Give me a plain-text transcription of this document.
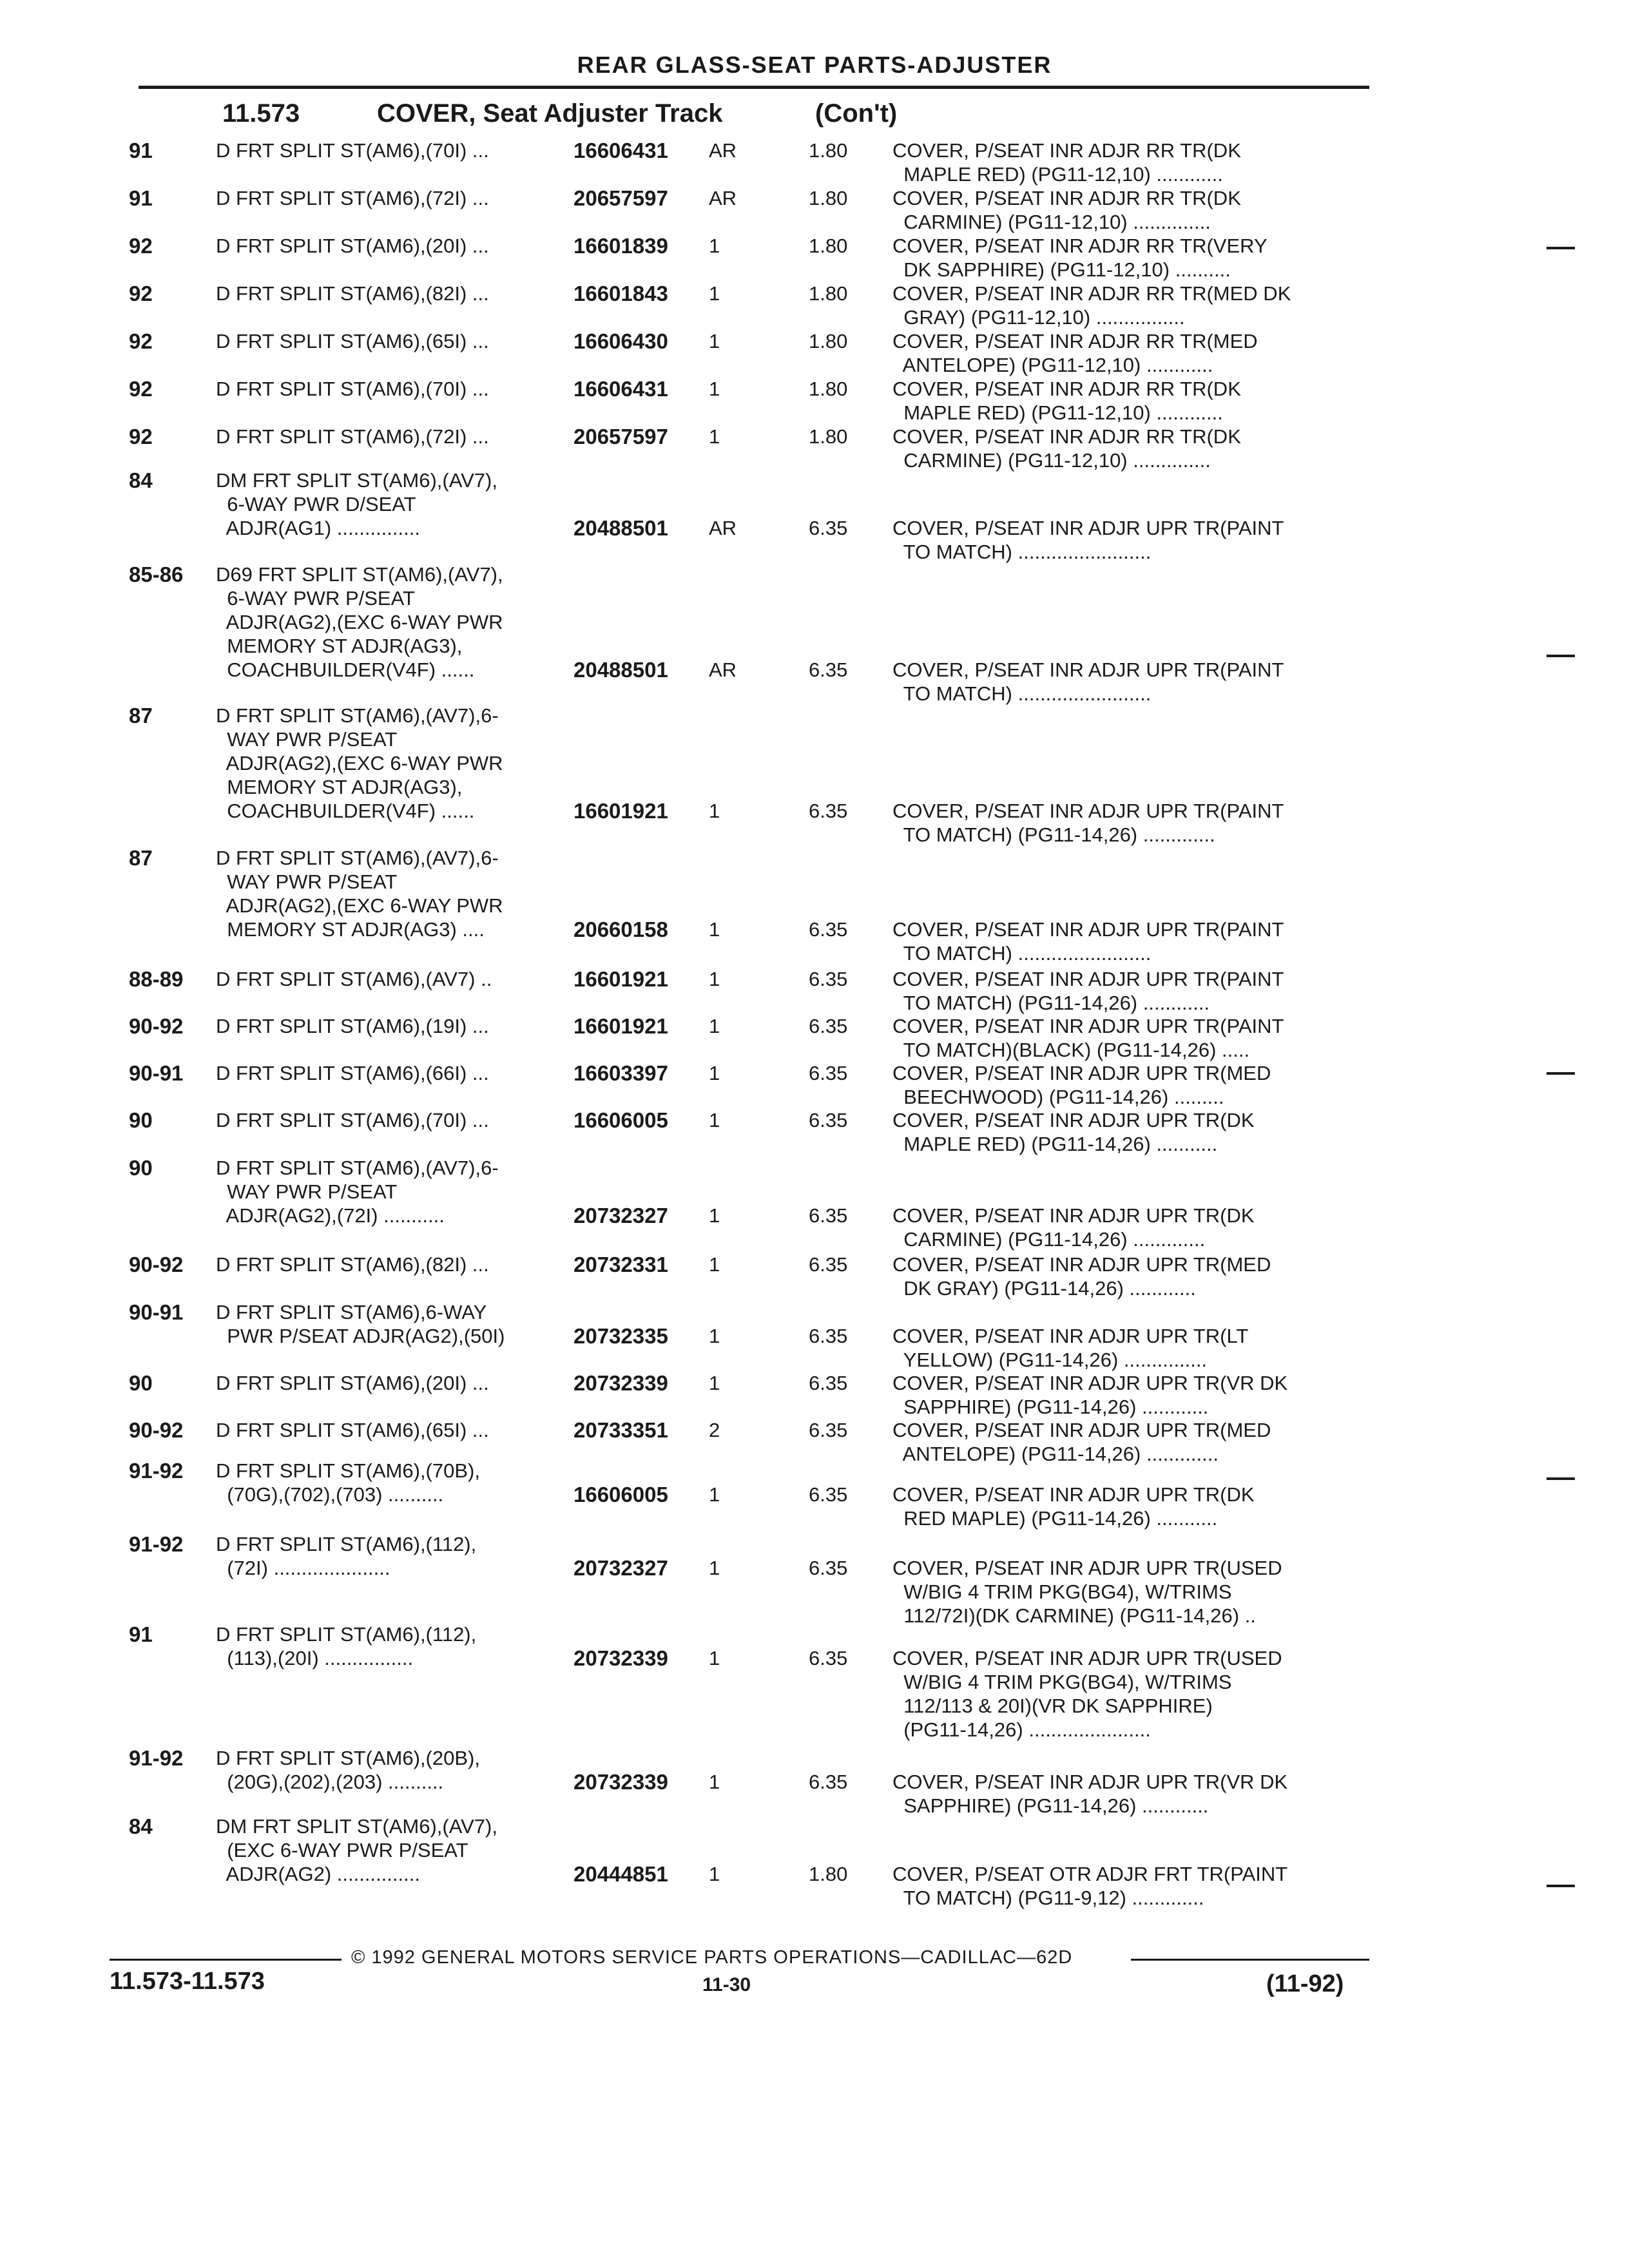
REAR GLASS-SEAT PARTS-ADJUSTER
11.573	COVER, Seat Adjuster Track	(Con't)
91	D FRT SPLIT ST(AM6),(70I) ...	16606431	AR	1.80	COVER, P/SEAT INR ADJR RR TR(DK
MAPLE RED) (PG11-12,10) ............
91	D FRT SPLIT ST(AM6),(72I) ...	20657597	AR	1.80	COVER, P/SEAT INR ADJR RR TR(DK
CARMINE) (PG11-12,10) ..............
92	D FRT SPLIT ST(AM6),(20I) ...	16601839	1	1.80	COVER, P/SEAT INR ADJR RR TR(VERY
DK SAPPHIRE) (PG11-12,10) ..........
92	D FRT SPLIT ST(AM6),(82I) ...	16601843	1	1.80	COVER, P/SEAT INR ADJR RR TR(MED DK
GRAY) (PG11-12,10) ................
92	D FRT SPLIT ST(AM6),(65I) ...	16606430	1	1.80	COVER, P/SEAT INR ADJR RR TR(MED
ANTELOPE) (PG11-12,10) ............
92	D FRT SPLIT ST(AM6),(70I) ...	16606431	1	1.80	COVER, P/SEAT INR ADJR RR TR(DK
MAPLE RED) (PG11-12,10) ............
92	D FRT SPLIT ST(AM6),(72I) ...	20657597	1	1.80	COVER, P/SEAT INR ADJR RR TR(DK
CARMINE) (PG11-12,10) ..............
84	DM FRT SPLIT ST(AM6),(AV7),
6-WAY PWR D/SEAT
ADJR(AG1) ...............	20488501	AR	6.35	COVER, P/SEAT INR ADJR UPR TR(PAINT
TO MATCH) ........................
85-86	D69 FRT SPLIT ST(AM6),(AV7),
6-WAY PWR P/SEAT
ADJR(AG2),(EXC 6-WAY PWR
MEMORY ST ADJR(AG3),
COACHBUILDER(V4F) ......	20488501	AR	6.35	COVER, P/SEAT INR ADJR UPR TR(PAINT
TO MATCH) ........................
87	D FRT SPLIT ST(AM6),(AV7),6-
WAY PWR P/SEAT
ADJR(AG2),(EXC 6-WAY PWR
MEMORY ST ADJR(AG3),
COACHBUILDER(V4F) ......	16601921	1	6.35	COVER, P/SEAT INR ADJR UPR TR(PAINT
TO MATCH) (PG11-14,26) .............
87	D FRT SPLIT ST(AM6),(AV7),6-
WAY PWR P/SEAT
ADJR(AG2),(EXC 6-WAY PWR
MEMORY ST ADJR(AG3) ....	20660158	1	6.35	COVER, P/SEAT INR ADJR UPR TR(PAINT
TO MATCH) ........................
88-89	D FRT SPLIT ST(AM6),(AV7) ..	16601921	1	6.35	COVER, P/SEAT INR ADJR UPR TR(PAINT
TO MATCH) (PG11-14,26) ............
90-92	D FRT SPLIT ST(AM6),(19I) ...	16601921	1	6.35	COVER, P/SEAT INR ADJR UPR TR(PAINT
TO MATCH)(BLACK) (PG11-14,26) .....
90-91	D FRT SPLIT ST(AM6),(66I) ...	16603397	1	6.35	COVER, P/SEAT INR ADJR UPR TR(MED
BEECHWOOD) (PG11-14,26) .........
90	D FRT SPLIT ST(AM6),(70I) ...	16606005	1	6.35	COVER, P/SEAT INR ADJR UPR TR(DK
MAPLE RED) (PG11-14,26) ...........
90	D FRT SPLIT ST(AM6),(AV7),6-
WAY PWR P/SEAT
ADJR(AG2),(72I) ...........	20732327	1	6.35	COVER, P/SEAT INR ADJR UPR TR(DK
CARMINE) (PG11-14,26) .............
90-92	D FRT SPLIT ST(AM6),(82I) ...	20732331	1	6.35	COVER, P/SEAT INR ADJR UPR TR(MED
DK GRAY) (PG11-14,26) ............
90-91	D FRT SPLIT ST(AM6),6-WAY
PWR P/SEAT ADJR(AG2),(50I)	20732335	1	6.35	COVER, P/SEAT INR ADJR UPR TR(LT
YELLOW) (PG11-14,26) ...............
90	D FRT SPLIT ST(AM6),(20I) ...	20732339	1	6.35	COVER, P/SEAT INR ADJR UPR TR(VR DK
SAPPHIRE) (PG11-14,26) ............
90-92	D FRT SPLIT ST(AM6),(65I) ...	20733351	2	6.35	COVER, P/SEAT INR ADJR UPR TR(MED
ANTELOPE) (PG11-14,26) .............
91-92	D FRT SPLIT ST(AM6),(70B),
(70G),(702),(703) ..........	16606005	1	6.35	COVER, P/SEAT INR ADJR UPR TR(DK
RED MAPLE) (PG11-14,26) ...........
91-92	D FRT SPLIT ST(AM6),(112),
(72I) .....................	20732327	1	6.35	COVER, P/SEAT INR ADJR UPR TR(USED
W/BIG 4 TRIM PKG(BG4), W/TRIMS
112/72I)(DK CARMINE) (PG11-14,26) ..
91	D FRT SPLIT ST(AM6),(112),
(113),(20I) ................	20732339	1	6.35	COVER, P/SEAT INR ADJR UPR TR(USED
W/BIG 4 TRIM PKG(BG4), W/TRIMS
112/113 & 20I)(VR DK SAPPHIRE)
(PG11-14,26) ......................
91-92	D FRT SPLIT ST(AM6),(20B),
(20G),(202),(203) ..........	20732339	1	6.35	COVER, P/SEAT INR ADJR UPR TR(VR DK
SAPPHIRE) (PG11-14,26) ............
84	DM FRT SPLIT ST(AM6),(AV7),
(EXC 6-WAY PWR P/SEAT
ADJR(AG2) ...............	20444851	1	1.80	COVER, P/SEAT OTR ADJR FRT TR(PAINT
TO MATCH) (PG11-9,12) .............
© 1992 GENERAL MOTORS SERVICE PARTS OPERATIONS—CADILLAC—62D
11.573-11.573	11-30	(11-92)
